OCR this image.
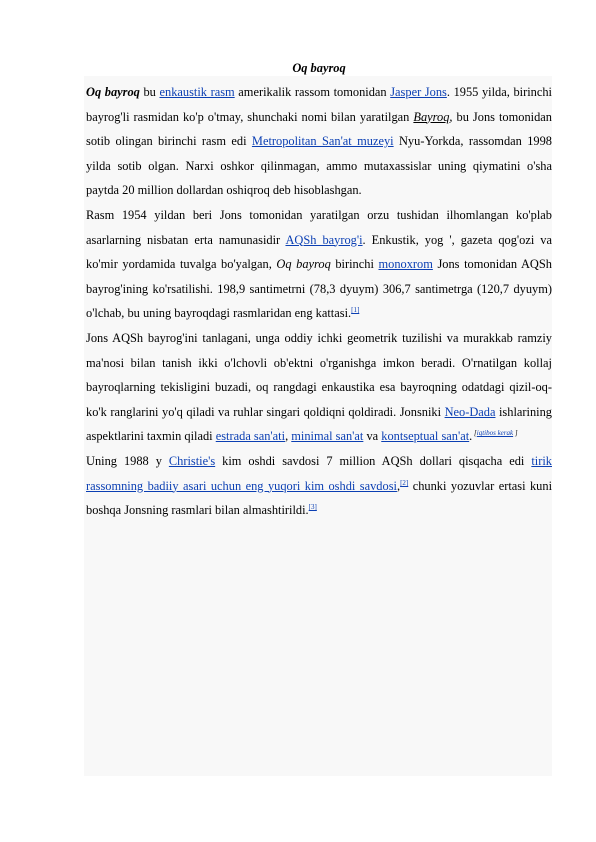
Oq bayroq

Oq bayroq bu enkaustik rasm amerikalik rassom tomonidan Jasper Jons. 1955 yilda, birinchi bayrog'li rasmidan ko'p o'tmay, shunchaki nomi bilan yaratilgan Bayroq, bu Jons tomonidan sotib olingan birinchi rasm edi Metropolitan San'at muzeyi Nyu-Yorkda, rassomdan 1998 yilda sotib olgan. Narxi oshkor qilinmagan, ammo mutaxassislar uning qiymatini o'sha paytda 20 million dollardan oshiqroq deb hisoblashgan.

Rasm 1954 yildan beri Jons tomonidan yaratilgan orzu tushidan ilhomlangan ko'plab asarlarning nisbatan erta namunasidir AQSh bayrog'i. Enkustik, yog ', gazeta qog'ozi va ko'mir yordamida tuvalga bo'yalgan, Oq bayroq birinchi monoxrom Jons tomonidan AQSh bayrog'ining ko'rsatilishi. 198,9 santimetrni (78,3 dyuym) 306,7 santimetrga (120,7 dyuym) o'lchab, bu uning bayroqdagi rasmlaridan eng kattasi.[1]

Jons AQSh bayrog'ini tanlagani, unga oddiy ichki geometrik tuzilishi va murakkab ramziy ma'nosi bilan tanish ikki o'lchovli ob'ektni o'rganishga imkon beradi. O'rnatilgan kollaj bayroqlarning tekisligini buzadi, oq rangdagi enkaustika esa bayroqning odatdagi qizil-oq-ko'k ranglarini yo'q qiladi va ruhlar singari qoldiqni qoldiradi. Jonsniki Neo-Dada ishlarining aspektlarini taxmin qiladi estrada san'ati, minimal san'at va kontseptual san'at. [iqtibos kerak ]

Uning 1988 y Christie's kim oshdi savdosi 7 million AQSh dollari qisqacha edi tirik rassomning badiiy asari uchun eng yuqori kim oshdi savdosi,[2] chunki yozuvlar ertasi kuni boshqa Jonsning rasmlari bilan almashtirildi.[3]
